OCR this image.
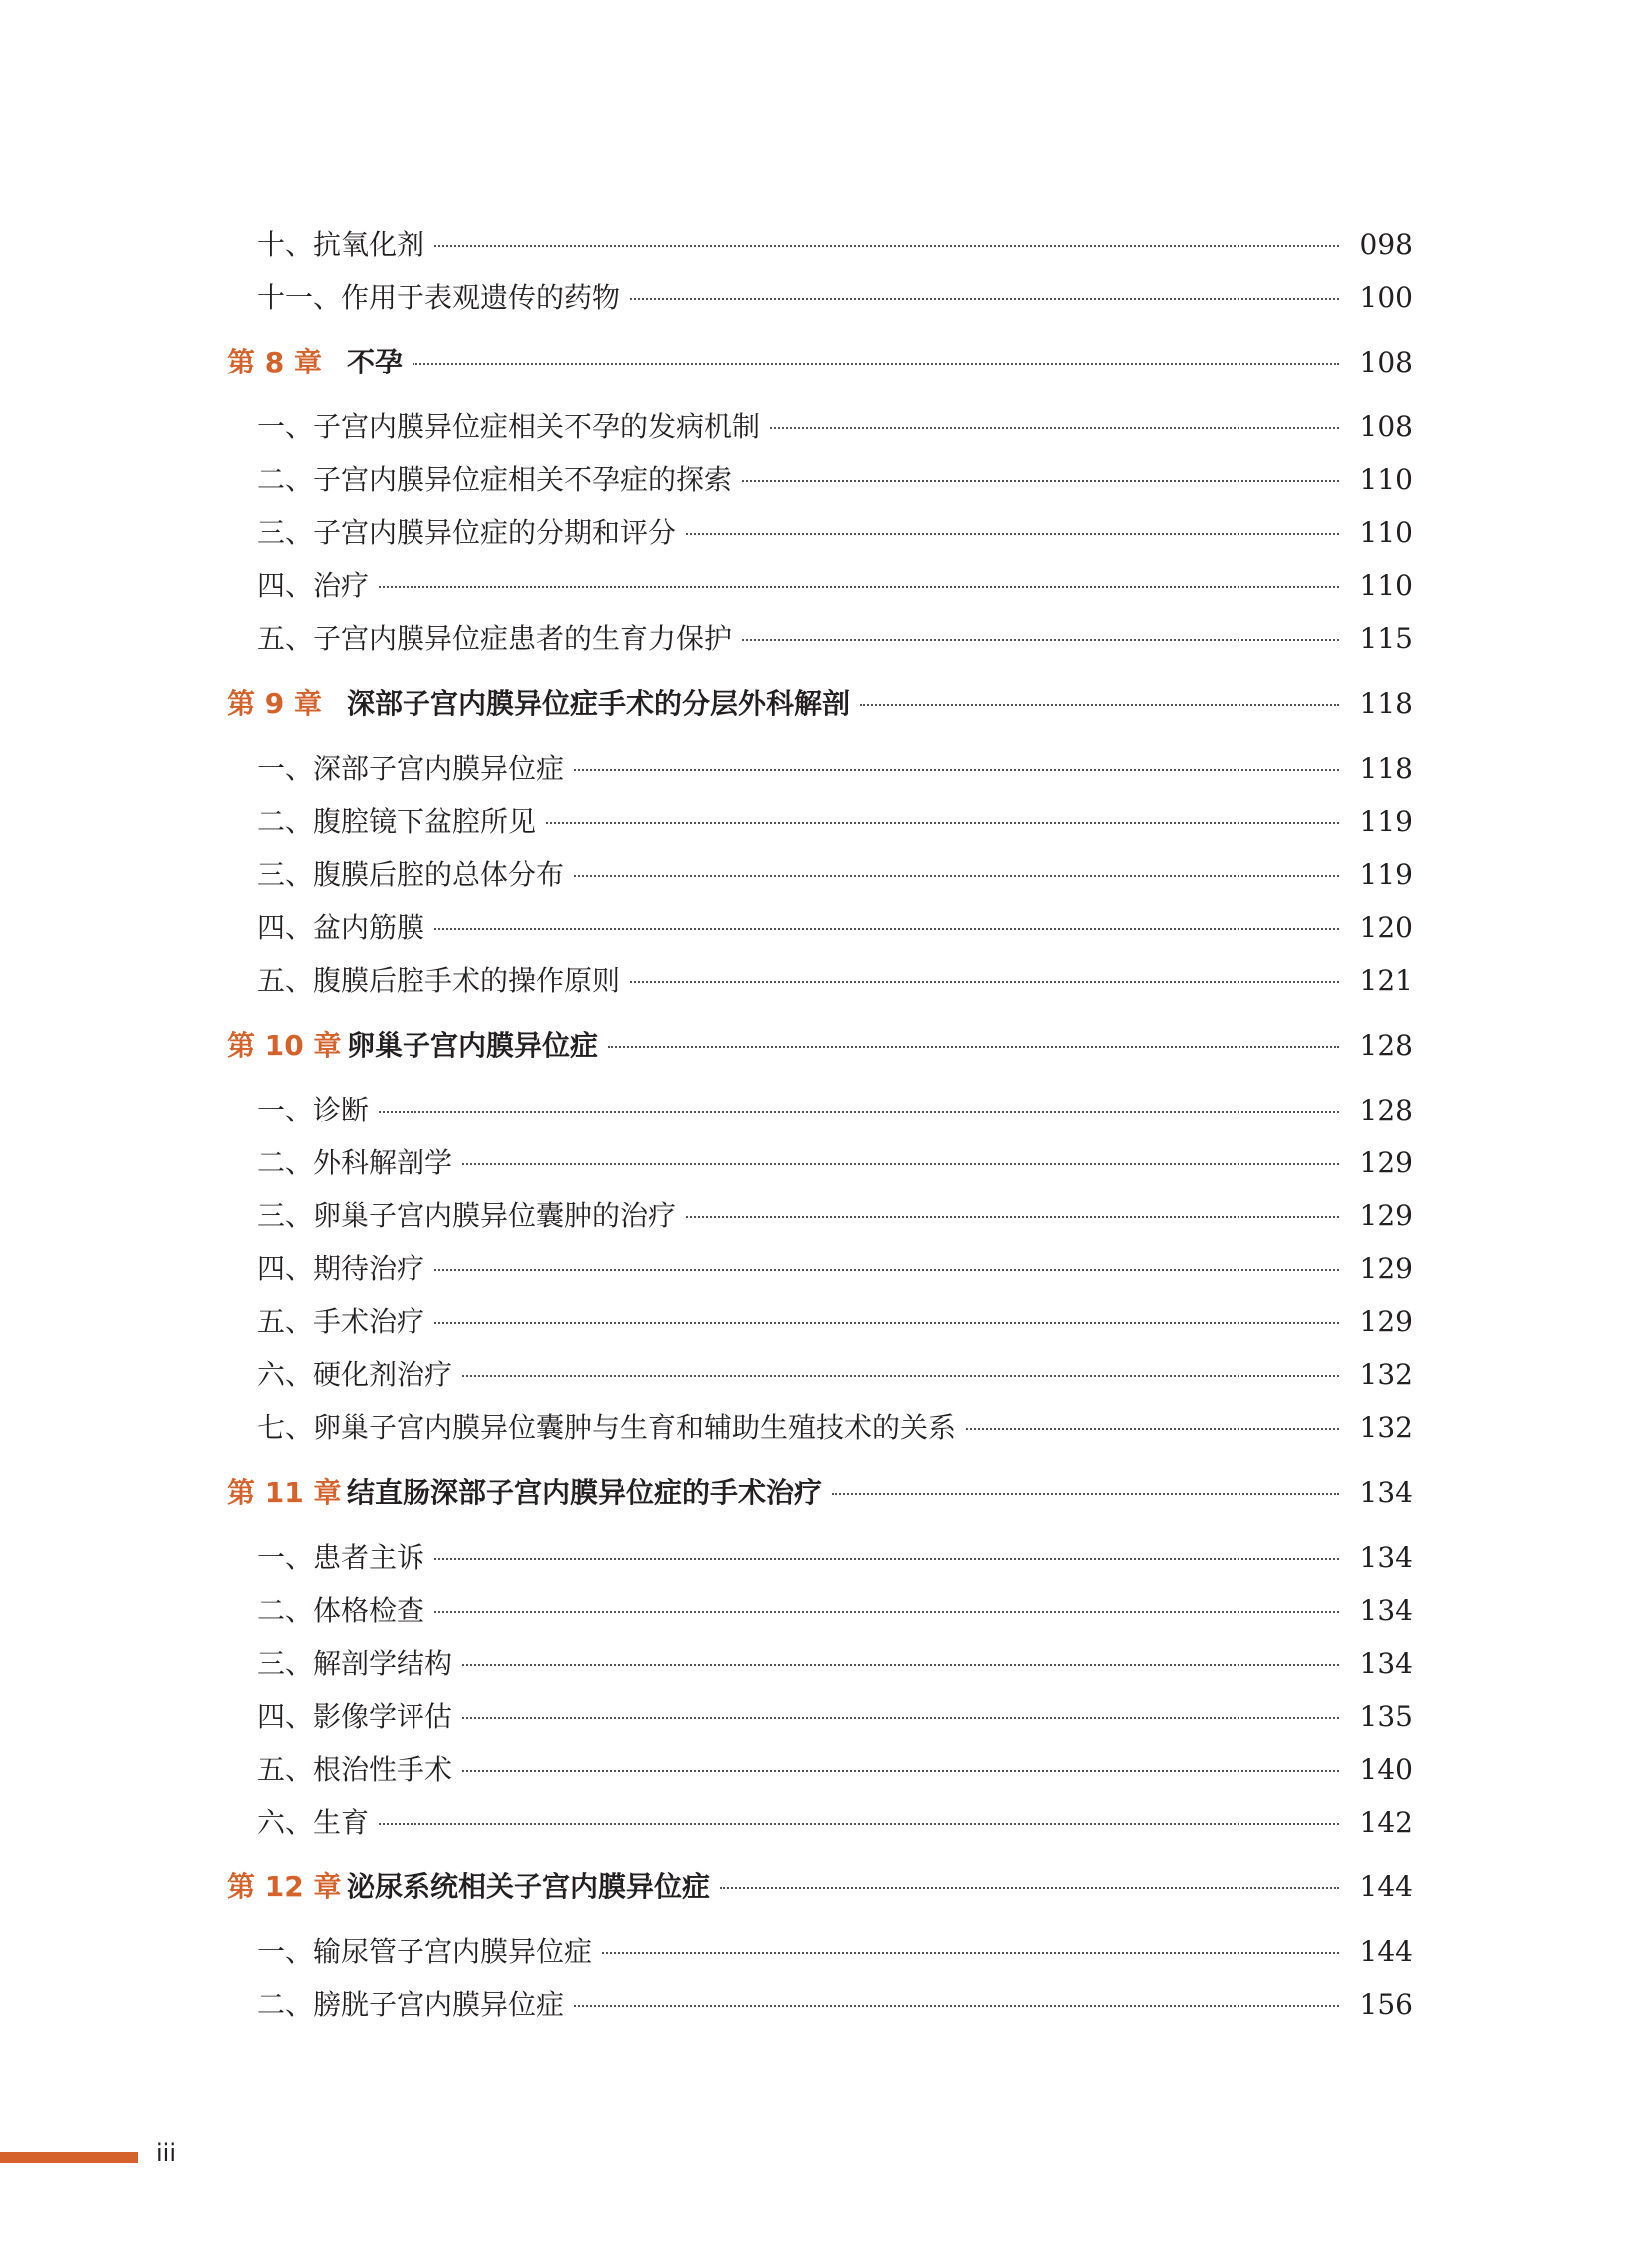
十、抗氧化剂	098
十一、作用于表观遗传的药物	100
第 8 章 不孕	108
一、子宫内膜异位症相关不孕的发病机制	108
二、子宫内膜异位症相关不孕症的探索	110
三、子宫内膜异位症的分期和评分	110
四、治疗	110
五、子宫内膜异位症患者的生育力保护	115
第 9 章 深部子宫内膜异位症手术的分层外科解剖	118
一、深部子宫内膜异位症	118
二、腹腔镜下盆腔所见	119
三、腹膜后腔的总体分布	119
四、盆内筋膜	120
五、腹膜后腔手术的操作原则	121
第 10 章 卵巢子宫内膜异位症	128
一、诊断	128
二、外科解剖学	129
三、卵巢子宫内膜异位囊肿的治疗	129
四、期待治疗	129
五、手术治疗	129
六、硬化剂治疗	132
七、卵巢子宫内膜异位囊肿与生育和辅助生殖技术的关系	132
第 11 章 结直肠深部子宫内膜异位症的手术治疗	134
一、患者主诉	134
二、体格检查	134
三、解剖学结构	134
四、影像学评估	135
五、根治性手术	140
六、生育	142
第 12 章 泌尿系统相关子宫内膜异位症	144
一、输尿管子宫内膜异位症	144
二、膀胱子宫内膜异位症	156
iii
